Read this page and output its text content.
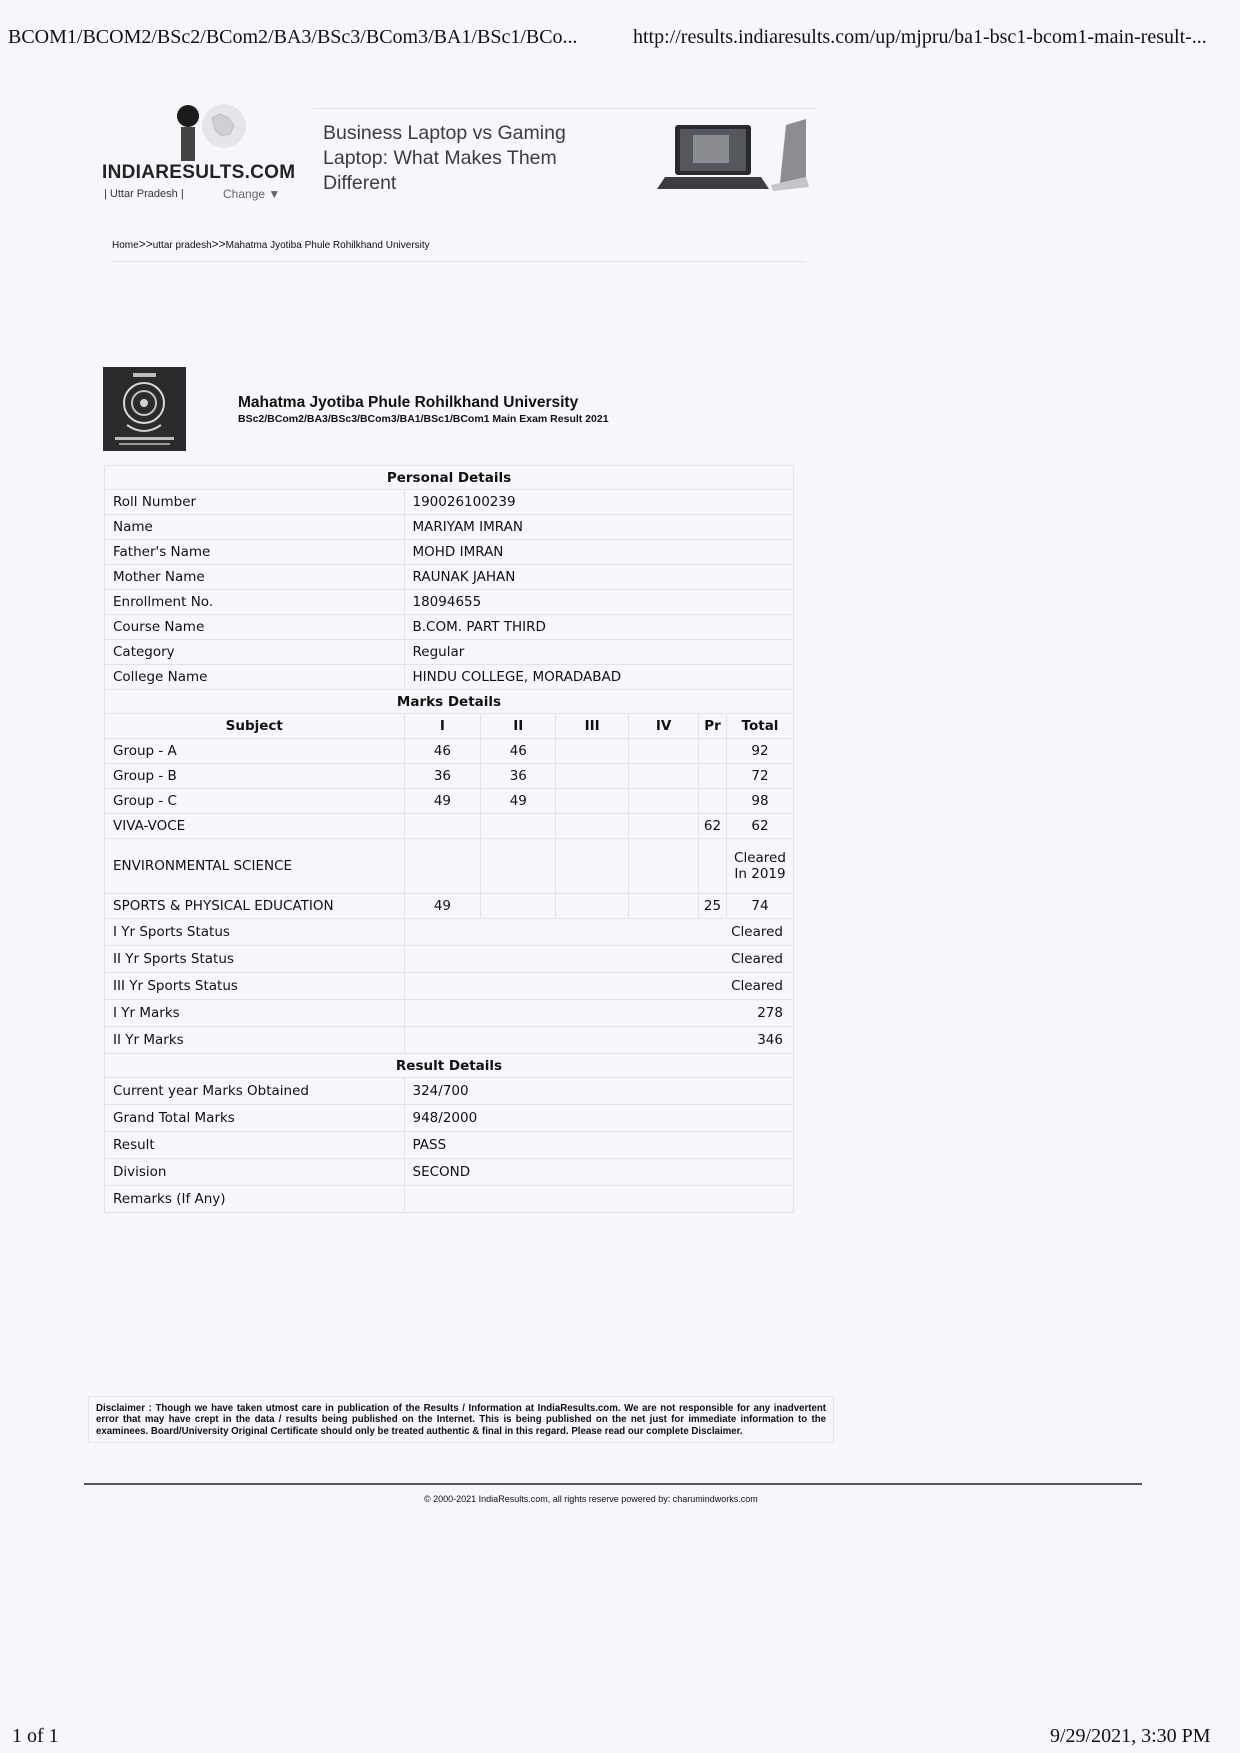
BCOM1/BCOM2/BSc2/BCom2/BA3/BSc3/BCom3/BA1/BSc1/BCo...	http://results.indiaresults.com/up/mjpru/ba1-bsc1-bcom1-main-result-...
INDIARESULTS.COM
| Uttar Pradesh |	Change ▼
Business Laptop vs Gaming Laptop: What Makes Them Different
Home>>uttar pradesh>>Mahatma Jyotiba Phule Rohilkhand University
Mahatma Jyotiba Phule Rohilkhand University
BSc2/BCom2/BA3/BSc3/BCom3/BA1/BSc1/BCom1 Main Exam Result 2021
Personal Details						
Roll Number	190026100239					
Name	MARIYAM IMRAN					
Father's Name	MOHD IMRAN					
Mother Name	RAUNAK JAHAN					
Enrollment No.	18094655					
Course Name	B.COM. PART THIRD					
Category	Regular					
College Name	HINDU COLLEGE, MORADABAD					
Marks Details						
Subject	I	II	III	IV	Pr	Total
Group - A	46	46				92
Group - B	36	36				72
Group - C	49	49				98
VIVA-VOCE					62	62
ENVIRONMENTAL SCIENCE						Cleared In 2019
SPORTS & PHYSICAL EDUCATION	49				25	74
I Yr Sports Status	Cleared					
II Yr Sports Status	Cleared					
III Yr Sports Status	Cleared					
I Yr Marks	278					
II Yr Marks	346					
Result Details						
Current year Marks Obtained	324/700					
Grand Total Marks	948/2000					
Result	PASS					
Division	SECOND					
Remarks (If Any)						
Disclaimer : Though we have taken utmost care in publication of the Results / Information at IndiaResults.com. We are not responsible for any inadvertent error that may have crept in the data / results being published on the Internet. This is being published on the net just for immediate information to the examinees. Board/University Original Certificate should only be treated authentic & final in this regard. Please read our complete Disclaimer.
© 2000-2021 IndiaResults.com, all rights reserve powered by: charumindworks.com
1 of 1	9/29/2021, 3:30 PM
